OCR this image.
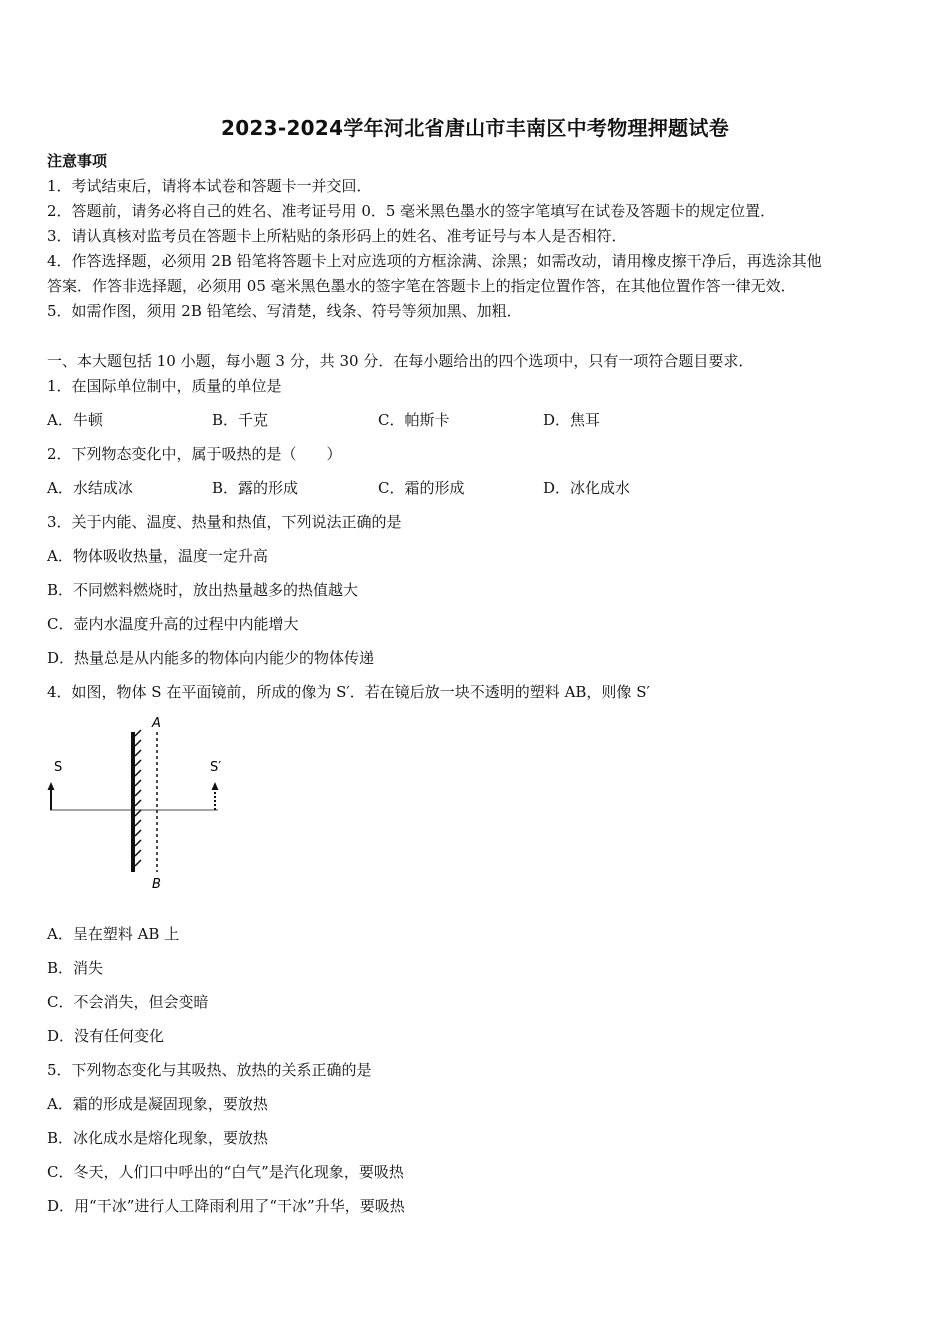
2023-2024学年河北省唐山市丰南区中考物理押题试卷
注意事项
1．考试结束后，请将本试卷和答题卡一并交回．
2．答题前，请务必将自己的姓名、准考证号用 0．5 毫米黑色墨水的签字笔填写在试卷及答题卡的规定位置．
3．请认真核对监考员在答题卡上所粘贴的条形码上的姓名、准考证号与本人是否相符．
4．作答选择题，必须用 2B 铅笔将答题卡上对应选项的方框涂满、涂黑；如需改动，请用橡皮擦干净后，再选涂其他
答案．作答非选择题，必须用 05 毫米黑色墨水的签字笔在答题卡上的指定位置作答，在其他位置作答一律无效．
5．如需作图，须用 2B 铅笔绘、写清楚，线条、符号等须加黑、加粗．
一、本大题包括 10 小题，每小题 3 分，共 30 分．在每小题给出的四个选项中，只有一项符合题目要求．
1．在国际单位制中，质量的单位是
A．牛顿	B．千克	C．帕斯卡	D．焦耳
2．下列物态变化中，属于吸热的是（　　）
A．水结成冰	B．露的形成	C．霜的形成	D．冰化成水
3．关于内能、温度、热量和热值，下列说法正确的是
A．物体吸收热量，温度一定升高
B．不同燃料燃烧时，放出热量越多的热值越大
C．壶内水温度升高的过程中内能增大
D．热量总是从内能多的物体向内能少的物体传递
4．如图，物体 S 在平面镜前，所成的像为 S′．若在镜后放一块不透明的塑料 AB，则像 S′
A
B
S	S′
A．呈在塑料 AB 上
B．消失
C．不会消失，但会变暗
D．没有任何变化
5．下列物态变化与其吸热、放热的关系正确的是
A．霜的形成是凝固现象，要放热
B．冰化成水是熔化现象，要放热
C．冬天，人们口中呼出的“白气”是汽化现象，要吸热
D．用“干冰”进行人工降雨利用了“干冰”升华，要吸热
